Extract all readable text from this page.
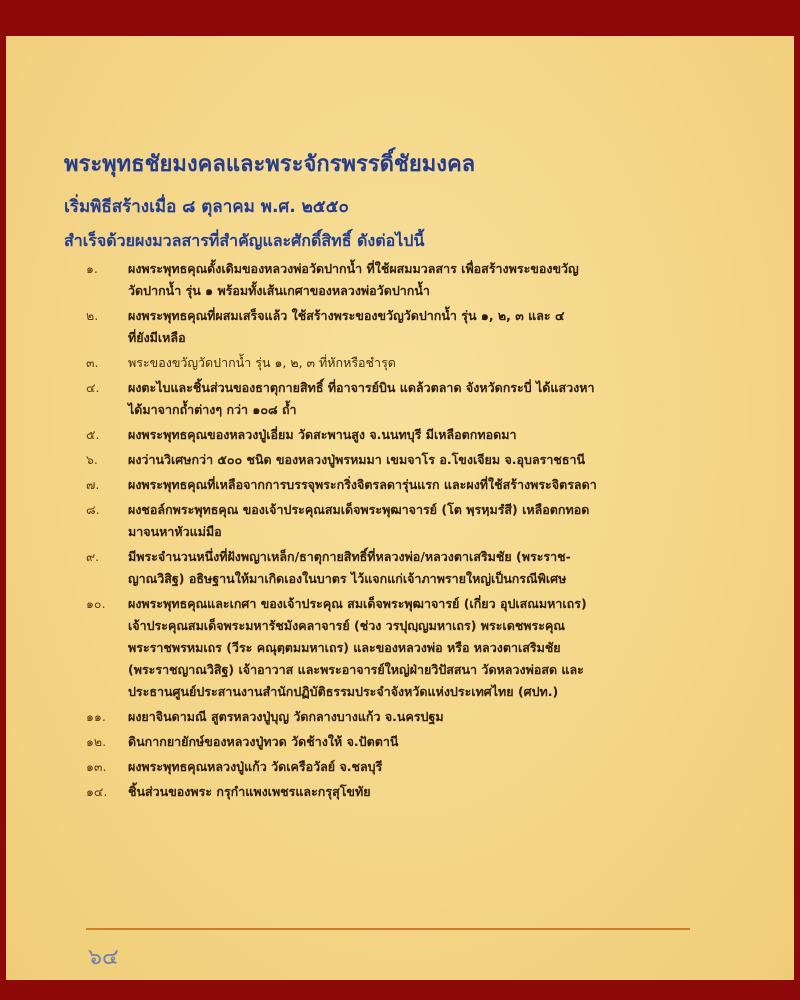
พระพุทธชัยมงคลและพระจักรพรรดิ์ชัยมงคล
เริ่มพิธีสร้างเมื่อ ๘ ตุลาคม พ.ศ. ๒๕๕๐
สำเร็จด้วยผงมวลสารที่สำคัญและศักดิ์สิทธิ์ ดังต่อไปนี้
๑.	ผงพระพุทธคุณดั้งเดิมของหลวงพ่อวัดปากน้ำ ที่ใช้ผสมมวลสาร เพื่อสร้างพระของขวัญ
วัดปากน้ำ รุ่น ๑ พร้อมทั้งเส้นเกศาของหลวงพ่อวัดปากน้ำ
๒.	ผงพระพุทธคุณที่ผสมเสร็จแล้ว ใช้สร้างพระของขวัญวัดปากน้ำ รุ่น ๑, ๒, ๓ และ ๔
ที่ยังมีเหลือ
๓.	พระของขวัญวัดปากน้ำ รุ่น ๑, ๒, ๓ ที่หักหรือชำรุด
๔.	ผงตะไบและชิ้นส่วนของธาตุกายสิทธิ์ ที่อาจารย์บิน แดล้วตลาด จังหวัดกระบี่ ได้แสวงหา
ได้มาจากถ้ำต่างๆ กว่า ๑๐๘ ถ้ำ
๕.	ผงพระพุทธคุณของหลวงปู่เอี่ยม วัดสะพานสูง จ.นนทบุรี มีเหลือตกทอดมา
๖.	ผงว่านวิเศษกว่า ๕๐๐ ชนิด ของหลวงปู่พรหมมา เขมจาโร อ.โขงเจียม จ.อุบลราชธานี
๗.	ผงพระพุทธคุณที่เหลือจากการบรรจุพระกริ่งจิตรลดารุ่นแรก และผงที่ใช้สร้างพระจิตรลดา
๘.	ผงชอล์กพระพุทธคุณ ของเจ้าประคุณสมเด็จพระพุฒาจารย์ (โต พฺรหฺมรํสี) เหลือตกทอด
มาจนหาหัวแม่มือ
๙.	มีพระจำนวนหนึ่งที่ฝังพญาเหล็ก/ธาตุกายสิทธิ์ที่หลวงพ่อ/หลวงตาเสริมชัย (พระราช-
ญาณวิสิฐ) อธิษฐานให้มาเกิดเองในบาตร ไว้แจกแก่เจ้าภาพรายใหญ่เป็นกรณีพิเศษ
๑๐.	ผงพระพุทธคุณและเกศา ของเจ้าประคุณ สมเด็จพระพุฒาจารย์ (เกี่ยว อุปเสณมหาเถร)
เจ้าประคุณสมเด็จพระมหารัชมังคลาจารย์ (ช่วง วรปุญฺญมหาเถร) พระเดชพระคุณ
พระราชพรหมเถร (วีระ คณุตฺตมมหาเถร) และของหลวงพ่อ หรือ หลวงตาเสริมชัย
(พระราชญาณวิสิฐ) เจ้าอาวาส และพระอาจารย์ใหญ่ฝ่ายวิปัสสนา วัดหลวงพ่อสด และ
ประธานศูนย์ประสานงานสำนักปฏิบัติธรรมประจำจังหวัดแห่งประเทศไทย (ศปท.)
๑๑.	ผงยาจินดามณี สูตรหลวงปู่บุญ วัดกลางบางแก้ว จ.นครปฐม
๑๒.	ดินกากยายักษ์ของหลวงปู่ทวด วัดช้างให้ จ.ปัตตานี
๑๓.	ผงพระพุทธคุณหลวงปู่แก้ว วัดเครือวัลย์ จ.ชลบุรี
๑๔.	ชิ้นส่วนของพระ กรุกำแพงเพชรและกรุสุโขทัย
๖๔
